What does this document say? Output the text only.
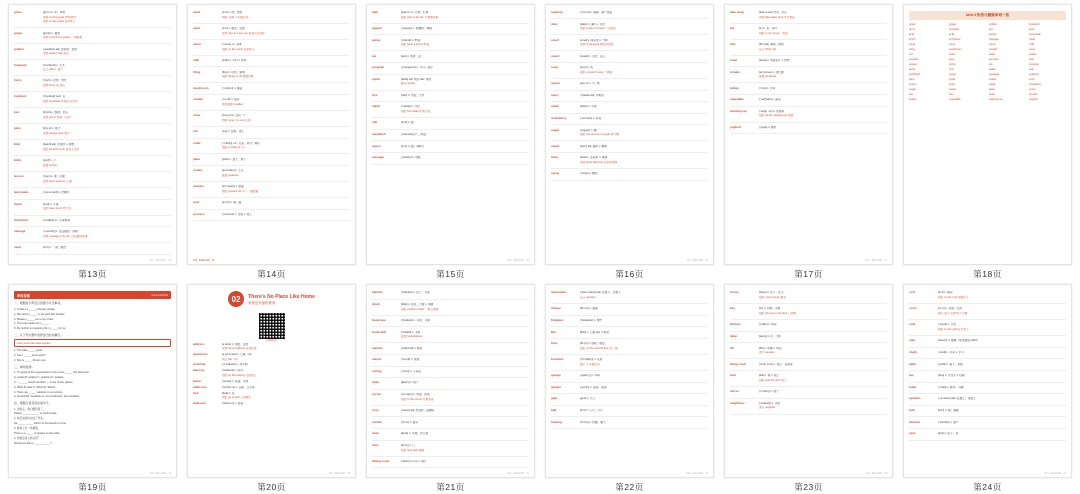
grass	[grɑːs] n. 草；草地
逐例 cut the grass 修剪草坪
搭配 on the grass 在草地上
grape	[greɪp] n. 葡萄
逐例 a bunch of grapes 一串葡萄
golden	[ˈɡəʊldən] adj. 金色的；金的
逐例 golden hair 金发
husband	[ˈhʌzbənd] n. 丈夫
反义 wife n. 妻子
hurry	[ˈhʌri] v. 赶快；匆忙
逐例 hurry up 快点
hundred	[ˈhʌndrəd] num. 百
搭配 hundreds of 数以百计的
join	[dʒɔɪn] v. 参加；加入
逐例 join in 参加（活动）
juice	[dʒuːs] n. 果汁
逐例 orange juice 橙汁
kind	[kaɪnd] adj. 友善的 n. 种类
搭配 be kind to sb. 对某人友好
knife	[naɪf] n. 刀
复数 knives
lesson	[ˈlesn] n. 课；功课
逐例 have a lesson 上课
lemonade	[ˌleməˈneɪd] n. 柠檬水
lunch	[lʌntʃ] n. 午餐
搭配 have lunch 吃午饭
lunchtime	[ˈlʌntʃtaɪm] n. 午餐时间
manage	[ˈmænɪdʒ] v. 设法做到；管理
逐例 manage to do sth. 设法做成某事
meal	[miːl] n. 一餐；膳食
013 · ENGLISH · 13
第13页
meat	[miːt] n. 肉；肉类
辨析 meat 不可数名词
meet	[miːt] v. 遇见；会面
逐例 nice to meet you 很高兴见到你
menu	[ˈmenjuː] n. 菜单
搭配 on the menu 在菜单上
milk	[mɪlk] n. 牛奶 v. 挤奶
thing	[θɪŋ] n. 东西；事情
搭配 things to do 要做的事
mushroom	[ˈmʌʃrʊm] n. 蘑菇
noodle	[ˈnuːdl] n. 面条
常用复数 noodles
none	[nʌn] pron. 没有一个
辨析 none / no one 区别
nut	[nʌt] n. 坚果；果仁
order	[ˈɔːdə(r)] v./n. 点菜；命令；顺序
搭配 in order to 为了
plate	[pleɪt] n. 盘子；碟子
potato	[pəˈteɪtəʊ] n. 土豆
复数 potatoes
prepare	[prɪˈpeə(r)] v. 准备
搭配 prepare for 为……做准备
pour	[pɔː(r)] v. 倒；灌
process	[ˈprəʊses] n. 过程 v. 加工
014 · ENGLISH · 14
第14页
plan	[plæn] n./v. 计划；打算
搭配 plan to do sth. 计划做某事
pepper	[ˈpepə(r)] n. 胡椒粉；辣椒
picnic	[ˈpɪknɪk] n. 野餐
搭配 have a picnic 野餐
pie	[paɪ] n. 馅饼；派
program	[ˈprəʊɡræm] n. 节目；程序
quick	[kwɪk] adj. 快的 adv. 快地
副词 quickly
rice	[raɪs] n. 米饭；大米
salad	[ˈsæləd] n. 沙拉
搭配 fruit salad 水果沙拉
salt	[sɔːlt] n. 盐
sandwich	[ˈsænwɪdʒ] n. 三明治
sauce	[sɔːs] n. 酱；调味汁
sausage	[ˈsɒsɪdʒ] n. 香肠
015 · ENGLISH · 15
第15页
seafood	[ˈsiːfuːd] n. 海鲜；海产食品
slice	[slaɪs] n. 薄片 v. 切片
搭配 a slice of bread 一片面包
smell	[smel] v. 闻起来 n. 气味
逐例 smell good 闻起来很香
snack	[snæk] n. 小吃；点心
soup	[suːp] n. 汤
搭配 a bowl of soup 一碗汤
spoon	[spuːn] n. 勺；匙
spicy	[ˈspaɪsi] adj. 辛辣的
steak	[steɪk] n. 牛排
strawberry	[ˈstrɔːbəri] n. 草莓
sugar	[ˈʃʊɡə(r)] n. 糖
搭配 two spoons of sugar 两勺糖
sweet	[swiːt] adj. 甜的 n. 糖果
taste	[teɪst] v. 尝起来 n. 味道
逐例 taste delicious 尝起来美味
syrup	[ˈsɪrəp] n. 糖浆
016 · ENGLISH · 16
第16页
take away	[teɪk əˈweɪ] 外卖；带走
逐例 take away food 外卖食品
tea	[tiː] n. 茶；茶叶
搭配 a cup of tea 一杯茶
thin	[θɪn] adj. 薄的；瘦的
反义 thick / fat
toast	[təʊst] n. 烤面包片 v. 烘烤
tomato	[təˈmɑːtəʊ] n. 西红柿
复数 tomatoes
turkey	[ˈtɜːki] n. 火鸡
vegetable	[ˈvedʒtəbl] n. 蔬菜
washing-up	[ˌwɒʃɪŋ ˈʌp] n. 洗餐具
搭配 do the washing-up 洗碗
yoghurt	[ˈjɒɡət] n. 酸奶
017 · ENGLISH · 17
第17页
Unit 4 饮食与健康单词一览
grass	grape	golden	husband
hurry	hundred	join	juice
kind	knife	lesson	lemonade
lunch	lunchtime	manage	meal
meat	meet	menu	milk
thing	mushroom	noodle	none
nut	order	plate	potato
prepare	pour	process	plan
pepper	picnic	pie	program
quick	rice	salad	salt
sandwich	sauce	sausage	seafood
slice	smell	snack	soup
spoon	spicy	steak	strawberry
sugar	sweet	taste	syrup
tea	thin	toast	tomato
turkey	vegetable	washing-up	yoghurt
第18页
单词自测	Food and Drink
一、根据首字母及汉语提示写出单词。
1. I'd like a s_____ of bread, please.
2. We had a p_____ in the park last Sunday.
3. Please p_____ me a cup of tea.
4. The soup tastes too s_____ .
5. My mother is preparing the m_____ for us.
二、从下列方框中选择适当的词填空。
order smell slice taste prepare
1. The cake _____ good.
2. Can I _____ some juice?
3. She is _____ dinner now.
三、单项选择。
1. I'm going to the supermarket to buy some _____ this afternoon.
A. potato B. potatos C. potatoes D. potatoe
2. — _____ would you like? — A cup of tea, please.
A. What B. How C. Which D. Where
3. There are _____ students in our school.
A. hundred B. hundreds C. two hundred D. two hundreds
四、根据汉语意思完成句子。
1. 请快点，我们要迟到了。
Please _____ _____ , or we'll be late.
2. 他设法按时完成了作业。
He _____ _____ finish his homework on time.
3. 餐桌上有一串葡萄。
There is a _____ of grapes on the table.
4. 你愿意加入我们吗？
Would you like to _____ _____ ?
018 · ENGLISH · 18
第19页
02	There's No Place Like Home
家就是幸福的港湾
扫码听读
address	[əˈdres] n. 地址；住址
逐例 home address 家庭住址
apartment	[əˈpɑːtmənt] n. 公寓（美）
同义 flat（英）
armchair	[ˈɑːmtʃeə(r)] n. 扶手椅
balcony	[ˈbælkəni] n. 阳台
搭配 on the balcony 在阳台上
basin	[ˈbeɪsn] n. 脸盆；水池
bathroom	[ˈbɑːθruːm] n. 浴室；卫生间
bed	[bed] n. 床
搭配 go to bed 上床睡觉
bedroom	[ˈbedruːm] n. 卧室
020 · ENGLISH · 20
第20页
blanket	[ˈblæŋkɪt] n. 毯子；毛毯
block	[blɒk] n. 街区；大楼 v. 堵塞
搭配 a block of flats 一栋公寓楼
bookcase	[ˈbʊkkeɪs] n. 书柜；书架
bookshelf	[ˈbʊkʃelf] n. 书架
复数 bookshelves
cabinet	[ˈkæbɪnət] n. 橱柜
carpet	[ˈkɑːpɪt] n. 地毯
ceiling	[ˈsiːlɪŋ] n. 天花板
chair	[tʃeə(r)] n. 椅子
corner	[ˈkɔːnə(r)] n. 角落；拐角
搭配 in the corner 在角落里
cosy	[ˈkəʊzi] adj. 舒适的；温馨的
curtain	[ˈkɜːtn] n. 窗帘
desk	[desk] n. 书桌；办公桌
door	[dɔː(r)] n. 门
搭配 next door 隔壁
dining room	[ˈdaɪnɪŋ ruːm] n. 餐厅
021 · ENGLISH · 21
第21页
downstairs	[ˌdaʊnˈsteəz] adv. 在楼下；往楼下
反义 upstairs
drawer	[drɔː(r)] n. 抽屉
fireplace	[ˈfaɪəpleɪs] n. 壁炉
flat	[flæt] n. 公寓 adj. 平坦的
floor	[flɔː(r)] n. 地板；楼层
搭配 on the second floor 在二楼
furniture	[ˈfɜːnɪtʃə(r)] n. 家具
提示 不可数名词
garage	[ˈɡærɑːʒ] n. 车库
garden	[ˈɡɑːdn] n. 花园；菜园
gate	[ɡeɪt] n. 大门
hall	[hɔːl] n. 门厅；大厅
heating	[ˈhiːtɪŋ] n. 供暖；暖气
022 · ENGLISH · 22
第22页
house	[haʊs] n. 房子；住宅
搭配 move house 搬家
key	[kiː] n. 钥匙；关键
搭配 the key to the door 门钥匙
kitchen	[ˈkɪtʃɪn] n. 厨房
lamp	[læmp] n. 灯；台灯
lift	[lɪft] n. 电梯 v. 举起
美式 elevator
living room	[ˈlɪvɪŋ ruːm] n. 客厅；起居室
lock	[lɒk] n. 锁 v. 锁上
搭配 lock the door 锁门
mirror	[ˈmɪrə(r)] n. 镜子
neighbour	[ˈneɪbə(r)] n. 邻居
美式 neighbor
023 · ENGLISH · 23
第23页
roof	[ruːf] n. 屋顶
搭配 on the roof 在屋顶上
room	[ruːm] n. 房间；空间
提示 表示“空间”时不可数
sofa	[ˈsəʊfə] n. 沙发
搭配 on the sofa 在沙发上
stair	[steə(r)] n. 楼梯（常用复数 stairs）
study	[ˈstʌdi] n. 书房 v. 学习
table	[ˈteɪbl] n. 桌子；表格
tap	[tæp] n. 水龙头 v. 轻敲
toilet	[ˈtɔɪlət] n. 厕所；马桶
upstairs	[ˌʌpˈsteəz] adv. 在楼上；往楼上
wall	[wɔːl] n. 墙；围墙
window	[ˈwɪndəʊ] n. 窗户
yard	[jɑːd] n. 院子；码
024 · ENGLISH · 24
第24页
